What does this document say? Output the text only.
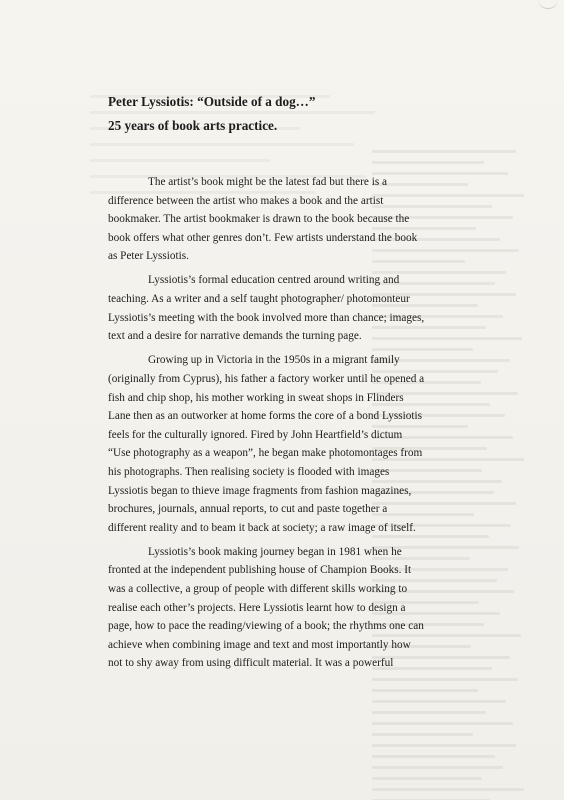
Peter Lyssiotis: “Outside of a dog…”
25 years of book arts practice.
The artist’s book might be the latest fad but there is a
difference between the artist who makes a book and the artist
bookmaker. The artist bookmaker is drawn to the book because the
book offers what other genres don’t. Few artists understand the book
as Peter Lyssiotis.
Lyssiotis’s formal education centred around writing and
teaching. As a writer and a self taught photographer/ photomonteur
Lyssiotis’s meeting with the book involved more than chance; images,
text and a desire for narrative demands the turning page.
Growing up in Victoria in the 1950s in a migrant family
(originally from Cyprus), his father a factory worker until he opened a
fish and chip shop, his mother working in sweat shops in Flinders
Lane then as an outworker at home forms the core of a bond Lyssiotis
feels for the culturally ignored. Fired by John Heartfield’s dictum
“Use photography as a weapon”, he began make photomontages from
his photographs. Then realising society is flooded with images
Lyssiotis began to thieve image fragments from fashion magazines,
brochures, journals, annual reports, to cut and paste together a
different reality and to beam it back at society; a raw image of itself.
Lyssiotis’s book making journey began in 1981 when he
fronted at the independent publishing house of Champion Books. It
was a collective, a group of people with different skills working to
realise each other’s projects. Here Lyssiotis learnt how to design a
page, how to pace the reading/viewing of a book; the rhythms one can
achieve when combining image and text and most importantly how
not to shy away from using difficult material. It was a powerful
